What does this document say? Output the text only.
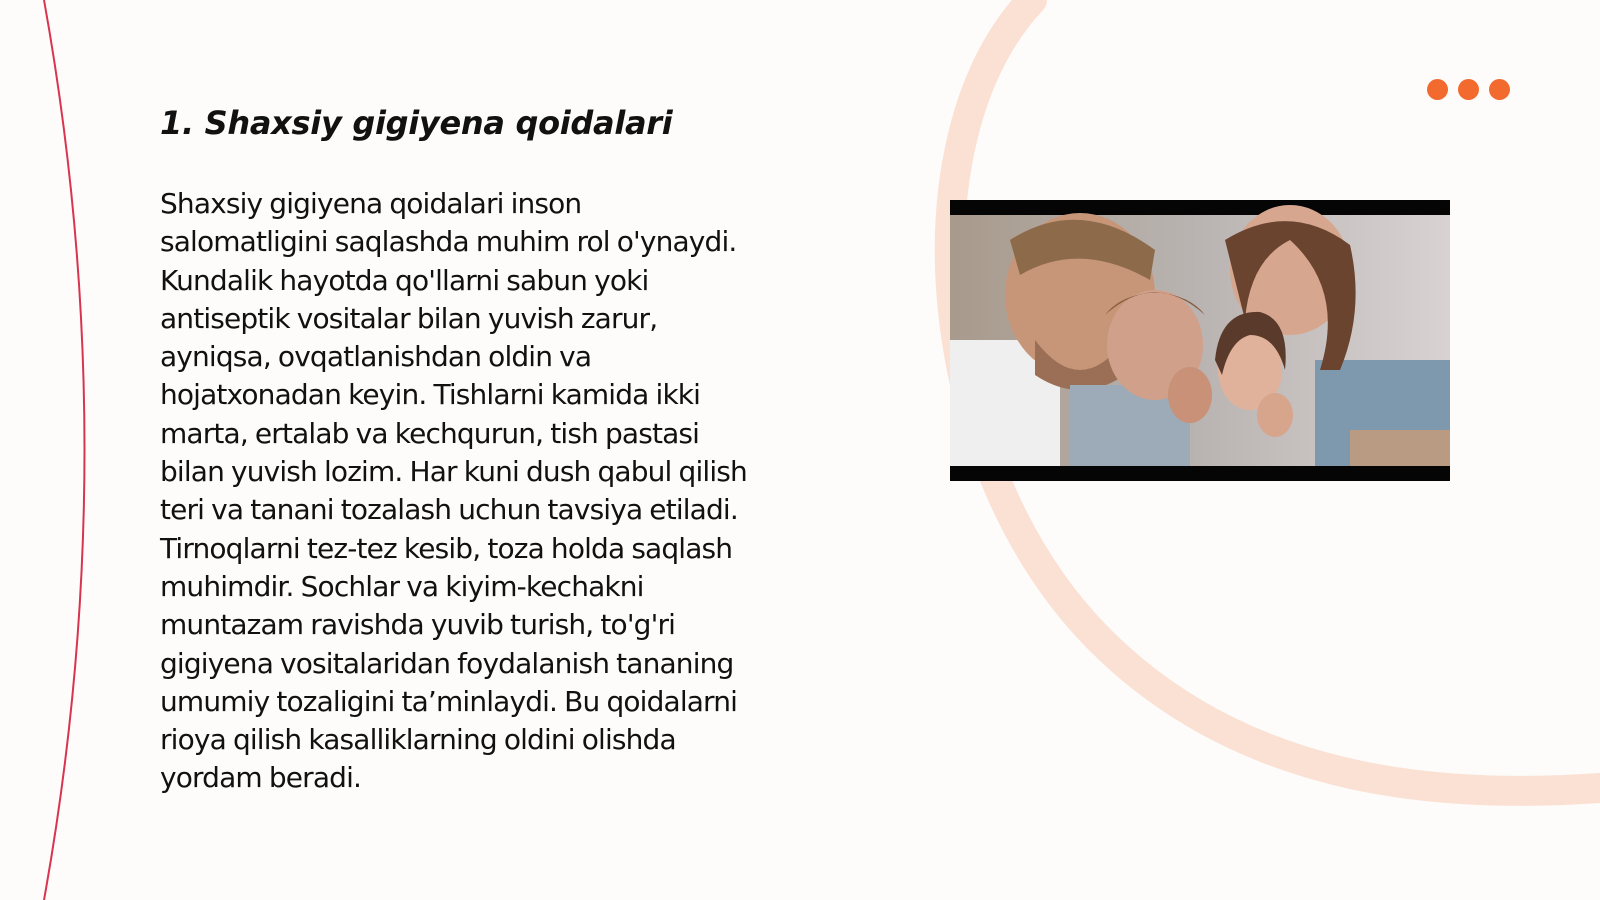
1. Shaxsiy gigiyena qoidalari

Shaxsiy gigiyena qoidalari inson
salomatligini saqlashda muhim rol o'ynaydi.
Kundalik hayotda qo'llarni sabun yoki
antiseptik vositalar bilan yuvish zarur,
ayniqsa, ovqatlanishdan oldin va
hojatxonadan keyin. Tishlarni kamida ikki
marta, ertalab va kechqurun, tish pastasi
bilan yuvish lozim. Har kuni dush qabul qilish
teri va tanani tozalash uchun tavsiya etiladi.
Tirnoqlarni tez-tez kesib, toza holda saqlash
muhimdir. Sochlar va kiyim-kechakni
muntazam ravishda yuvib turish, to'g'ri
gigiyena vositalaridan foydalanish tananing
umumiy tozaligini ta’minlaydi. Bu qoidalarni
rioya qilish kasalliklarning oldini olishda
yordam beradi.
